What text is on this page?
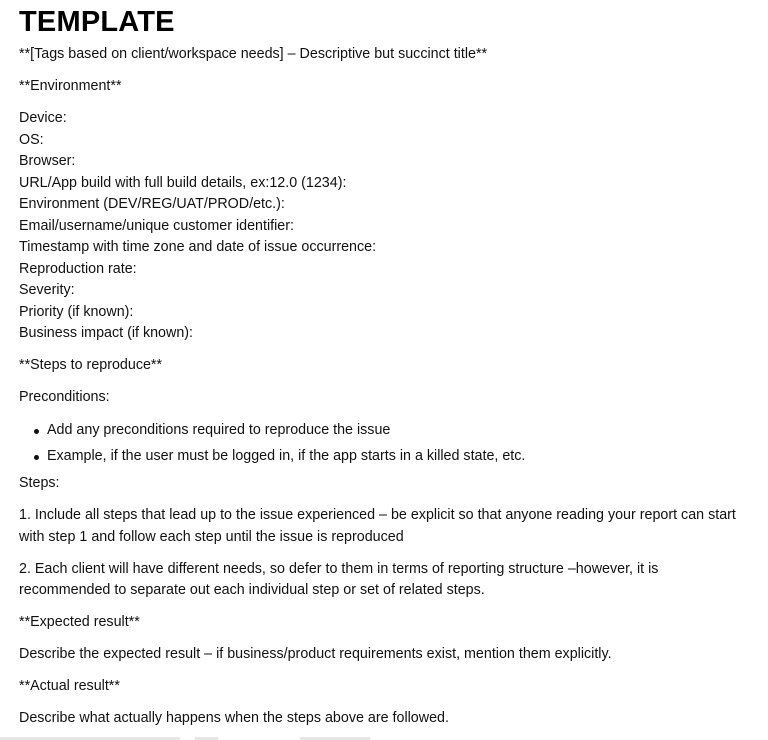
TEMPLATE

**[Tags based on client/workspace needs] – Descriptive but succinct title**

**Environment**

Device:
OS:
Browser:
URL/App build with full build details, ex:12.0 (1234):
Environment (DEV/REG/UAT/PROD/etc.):
Email/username/unique customer identifier:
Timestamp with time zone and date of issue occurrence:
Reproduction rate:
Severity:
Priority (if known):
Business impact (if known):

**Steps to reproduce**

Preconditions:

Add any preconditions required to reproduce the issue
Example, if the user must be logged in, if the app starts in a killed state, etc.

Steps:

1. Include all steps that lead up to the issue experienced – be explicit so that anyone reading your report can start
with step 1 and follow each step until the issue is reproduced
2. Each client will have different needs, so defer to them in terms of reporting structure –however, it is
recommended to separate out each individual step or set of related steps.

**Expected result**

Describe the expected result – if business/product requirements exist, mention them explicitly.

**Actual result**

Describe what actually happens when the steps above are followed.
